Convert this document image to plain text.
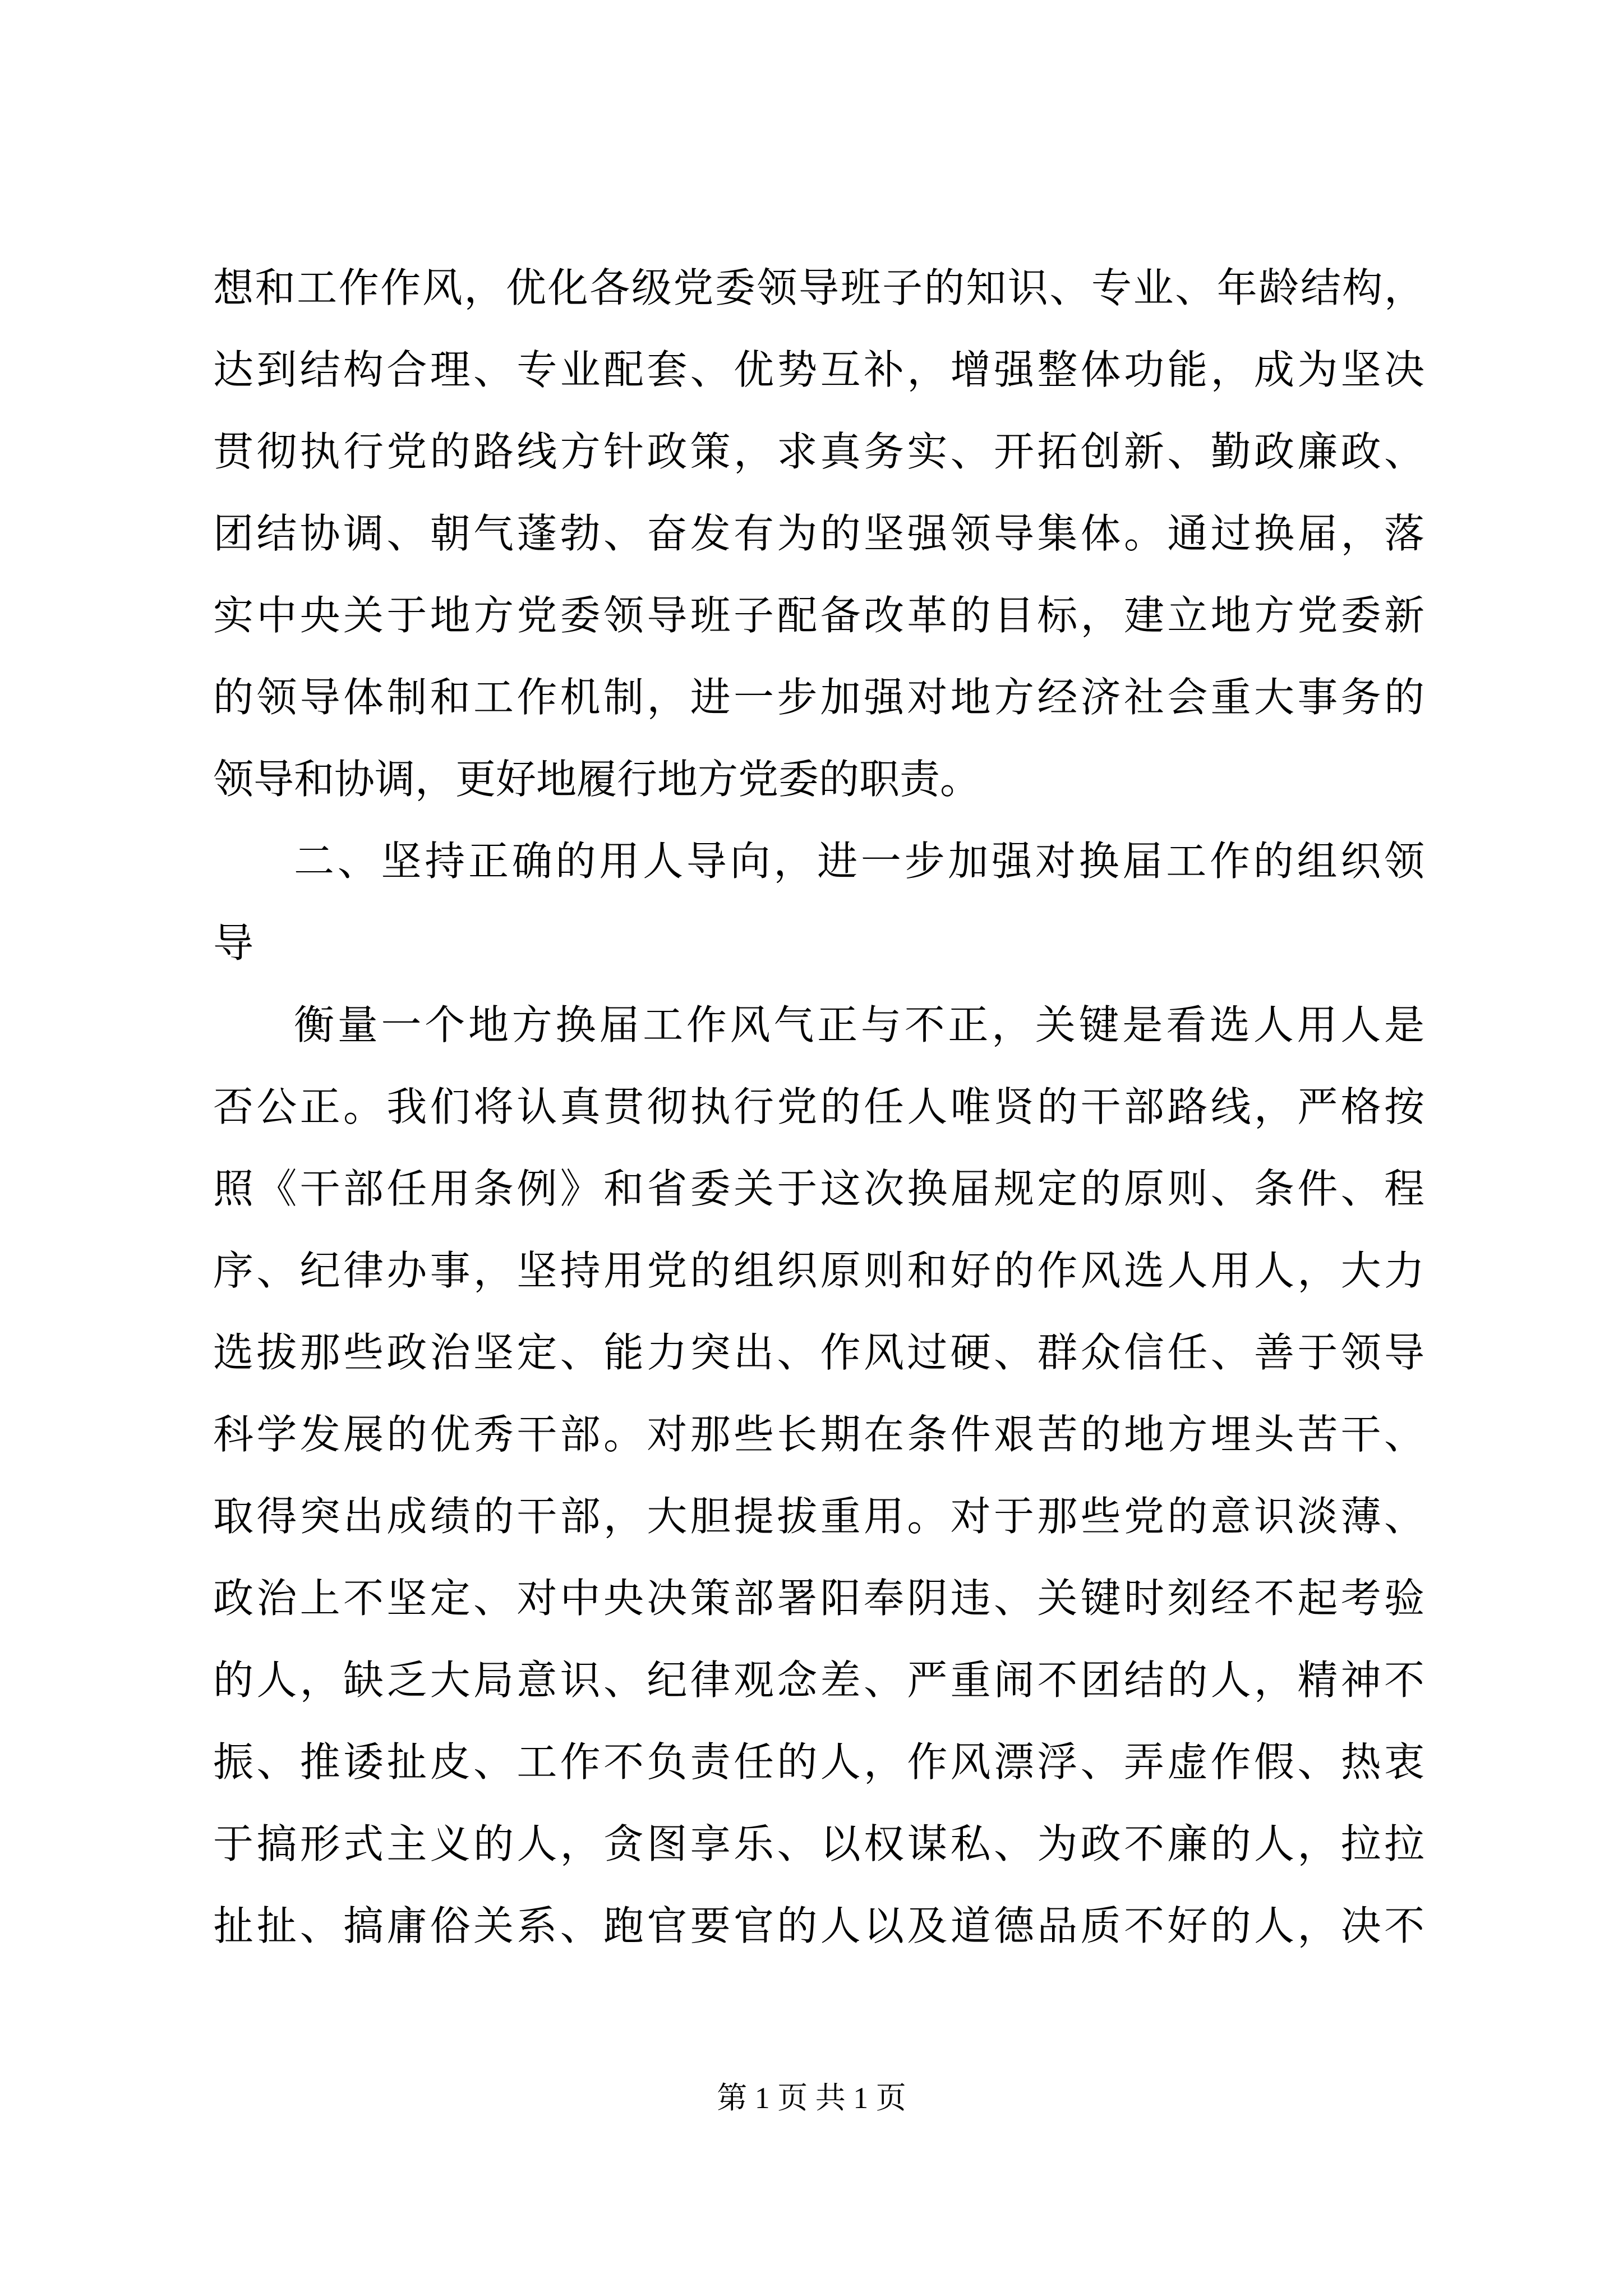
想和工作作风，优化各级党委领导班子的知识、专业、年龄结构，
达到结构合理、专业配套、优势互补，增强整体功能，成为坚决
贯彻执行党的路线方针政策，求真务实、开拓创新、勤政廉政、
团结协调、朝气蓬勃、奋发有为的坚强领导集体。通过换届，落
实中央关于地方党委领导班子配备改革的目标，建立地方党委新
的领导体制和工作机制，进一步加强对地方经济社会重大事务的
领导和协调，更好地履行地方党委的职责。
二、坚持正确的用人导向，进一步加强对换届工作的组织领
导
衡量一个地方换届工作风气正与不正，关键是看选人用人是
否公正。我们将认真贯彻执行党的任人唯贤的干部路线，严格按
照《干部任用条例》和省委关于这次换届规定的原则、条件、程
序、纪律办事，坚持用党的组织原则和好的作风选人用人，大力
选拔那些政治坚定、能力突出、作风过硬、群众信任、善于领导
科学发展的优秀干部。对那些长期在条件艰苦的地方埋头苦干、
取得突出成绩的干部，大胆提拔重用。对于那些党的意识淡薄、
政治上不坚定、对中央决策部署阳奉阴违、关键时刻经不起考验
的人，缺乏大局意识、纪律观念差、严重闹不团结的人，精神不
振、推诿扯皮、工作不负责任的人，作风漂浮、弄虚作假、热衷
于搞形式主义的人，贪图享乐、以权谋私、为政不廉的人，拉拉
扯扯、搞庸俗关系、跑官要官的人以及道德品质不好的人，决不
第 1 页 共 1 页
